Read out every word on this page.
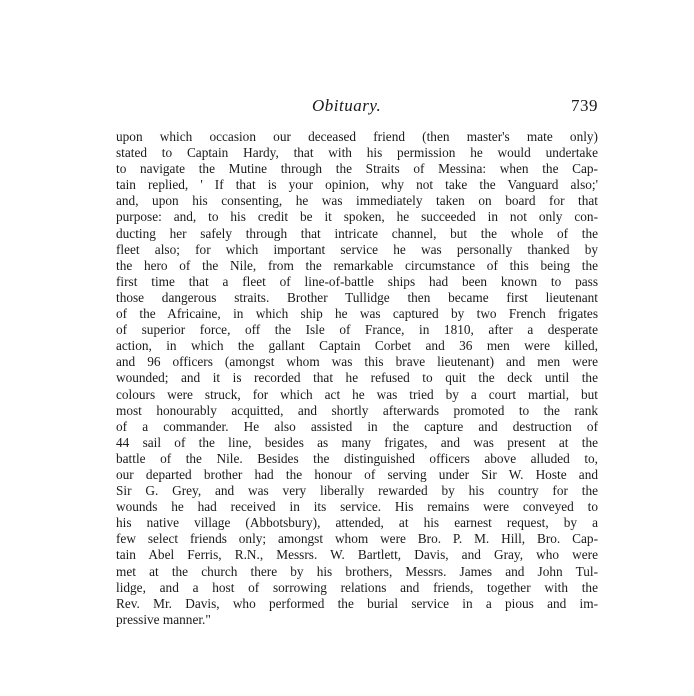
Obituary.	739
upon which occasion our deceased friend (then master's mate only)
stated to Captain Hardy, that with his permission he would undertake
to navigate the Mutine through the Straits of Messina: when the Cap-
tain replied, ' If that is your opinion, why not take the Vanguard also;'
and, upon his consenting, he was immediately taken on board for that
purpose: and, to his credit be it spoken, he succeeded in not only con-
ducting her safely through that intricate channel, but the whole of the
fleet also; for which important service he was personally thanked by
the hero of the Nile, from the remarkable circumstance of this being the
first time that a fleet of line-of-battle ships had been known to pass
those dangerous straits. Brother Tullidge then became first lieutenant
of the Africaine, in which ship he was captured by two French frigates
of superior force, off the Isle of France, in 1810, after a desperate
action, in which the gallant Captain Corbet and 36 men were killed,
and 96 officers (amongst whom was this brave lieutenant) and men were
wounded; and it is recorded that he refused to quit the deck until the
colours were struck, for which act he was tried by a court martial, but
most honourably acquitted, and shortly afterwards promoted to the rank
of a commander. He also assisted in the capture and destruction of
44 sail of the line, besides as many frigates, and was present at the
battle of the Nile. Besides the distinguished officers above alluded to,
our departed brother had the honour of serving under Sir W. Hoste and
Sir G. Grey, and was very liberally rewarded by his country for the
wounds he had received in its service. His remains were conveyed to
his native village (Abbotsbury), attended, at his earnest request, by a
few select friends only; amongst whom were Bro. P. M. Hill, Bro. Cap-
tain Abel Ferris, R.N., Messrs. W. Bartlett, Davis, and Gray, who were
met at the church there by his brothers, Messrs. James and John Tul-
lidge, and a host of sorrowing relations and friends, together with the
Rev. Mr. Davis, who performed the burial service in a pious and im-
pressive manner."
